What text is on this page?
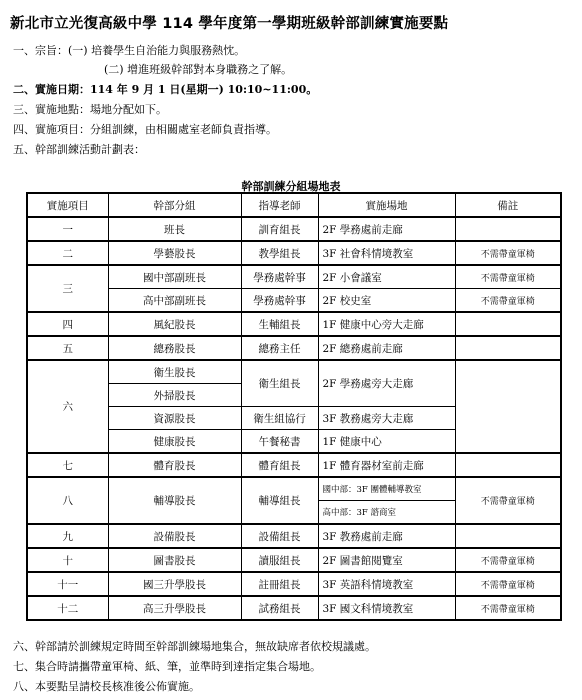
新北市立光復高級中學 114 學年度第一學期班級幹部訓練實施要點
一、宗旨：(一) 培養學生自治能力與服務熱忱。
(二) 增進班級幹部對本身職務之了解。
二、實施日期：114 年 9 月 1 日(星期一) 10:10~11:00。
三、實施地點：場地分配如下。
四、實施項目：分組訓練，由相關處室老師負責指導。
五、幹部訓練活動計劃表：
幹部訓練分組場地表
實施項目	幹部分組	指導老師	實施場地	備註
一	班長	訓育組長	2F 學務處前走廊	
二	學藝股長	教學組長	3F 社會科情境教室	不需帶童軍椅
三	國中部副班長	學務處幹事	2F 小會議室	不需帶童軍椅
	高中部副班長	學務處幹事	2F 校史室	不需帶童軍椅
四	風紀股長	生輔組長	1F 健康中心旁大走廊	
五	總務股長	總務主任	2F 總務處前走廊	
六	衛生股長	衛生組長	2F 學務處旁大走廊	
	外掃股長			
	資源股長	衛生組協行	3F 教務處旁大走廊	
	健康股長	午餐秘書	1F 健康中心	
七	體育股長	體育組長	1F 體育器材室前走廊	
八	輔導股長	輔導組長	國中部：3F 團體輔導教室	不需帶童軍椅
			高中部：3F 諮商室	
九	設備股長	設備組長	3F 教務處前走廊	
十	圖書股長	讀服組長	2F 圖書館閱覽室	不需帶童軍椅
十一	國三升學股長	註冊組長	3F 英語科情境教室	不需帶童軍椅
十二	高三升學股長	試務組長	3F 國文科情境教室	不需帶童軍椅
六、幹部請於訓練規定時間至幹部訓練場地集合，無故缺席者依校規議處。
七、集合時請攜帶童軍椅、紙、筆，並準時到達指定集合場地。
八、本要點呈請校長核准後公佈實施。
